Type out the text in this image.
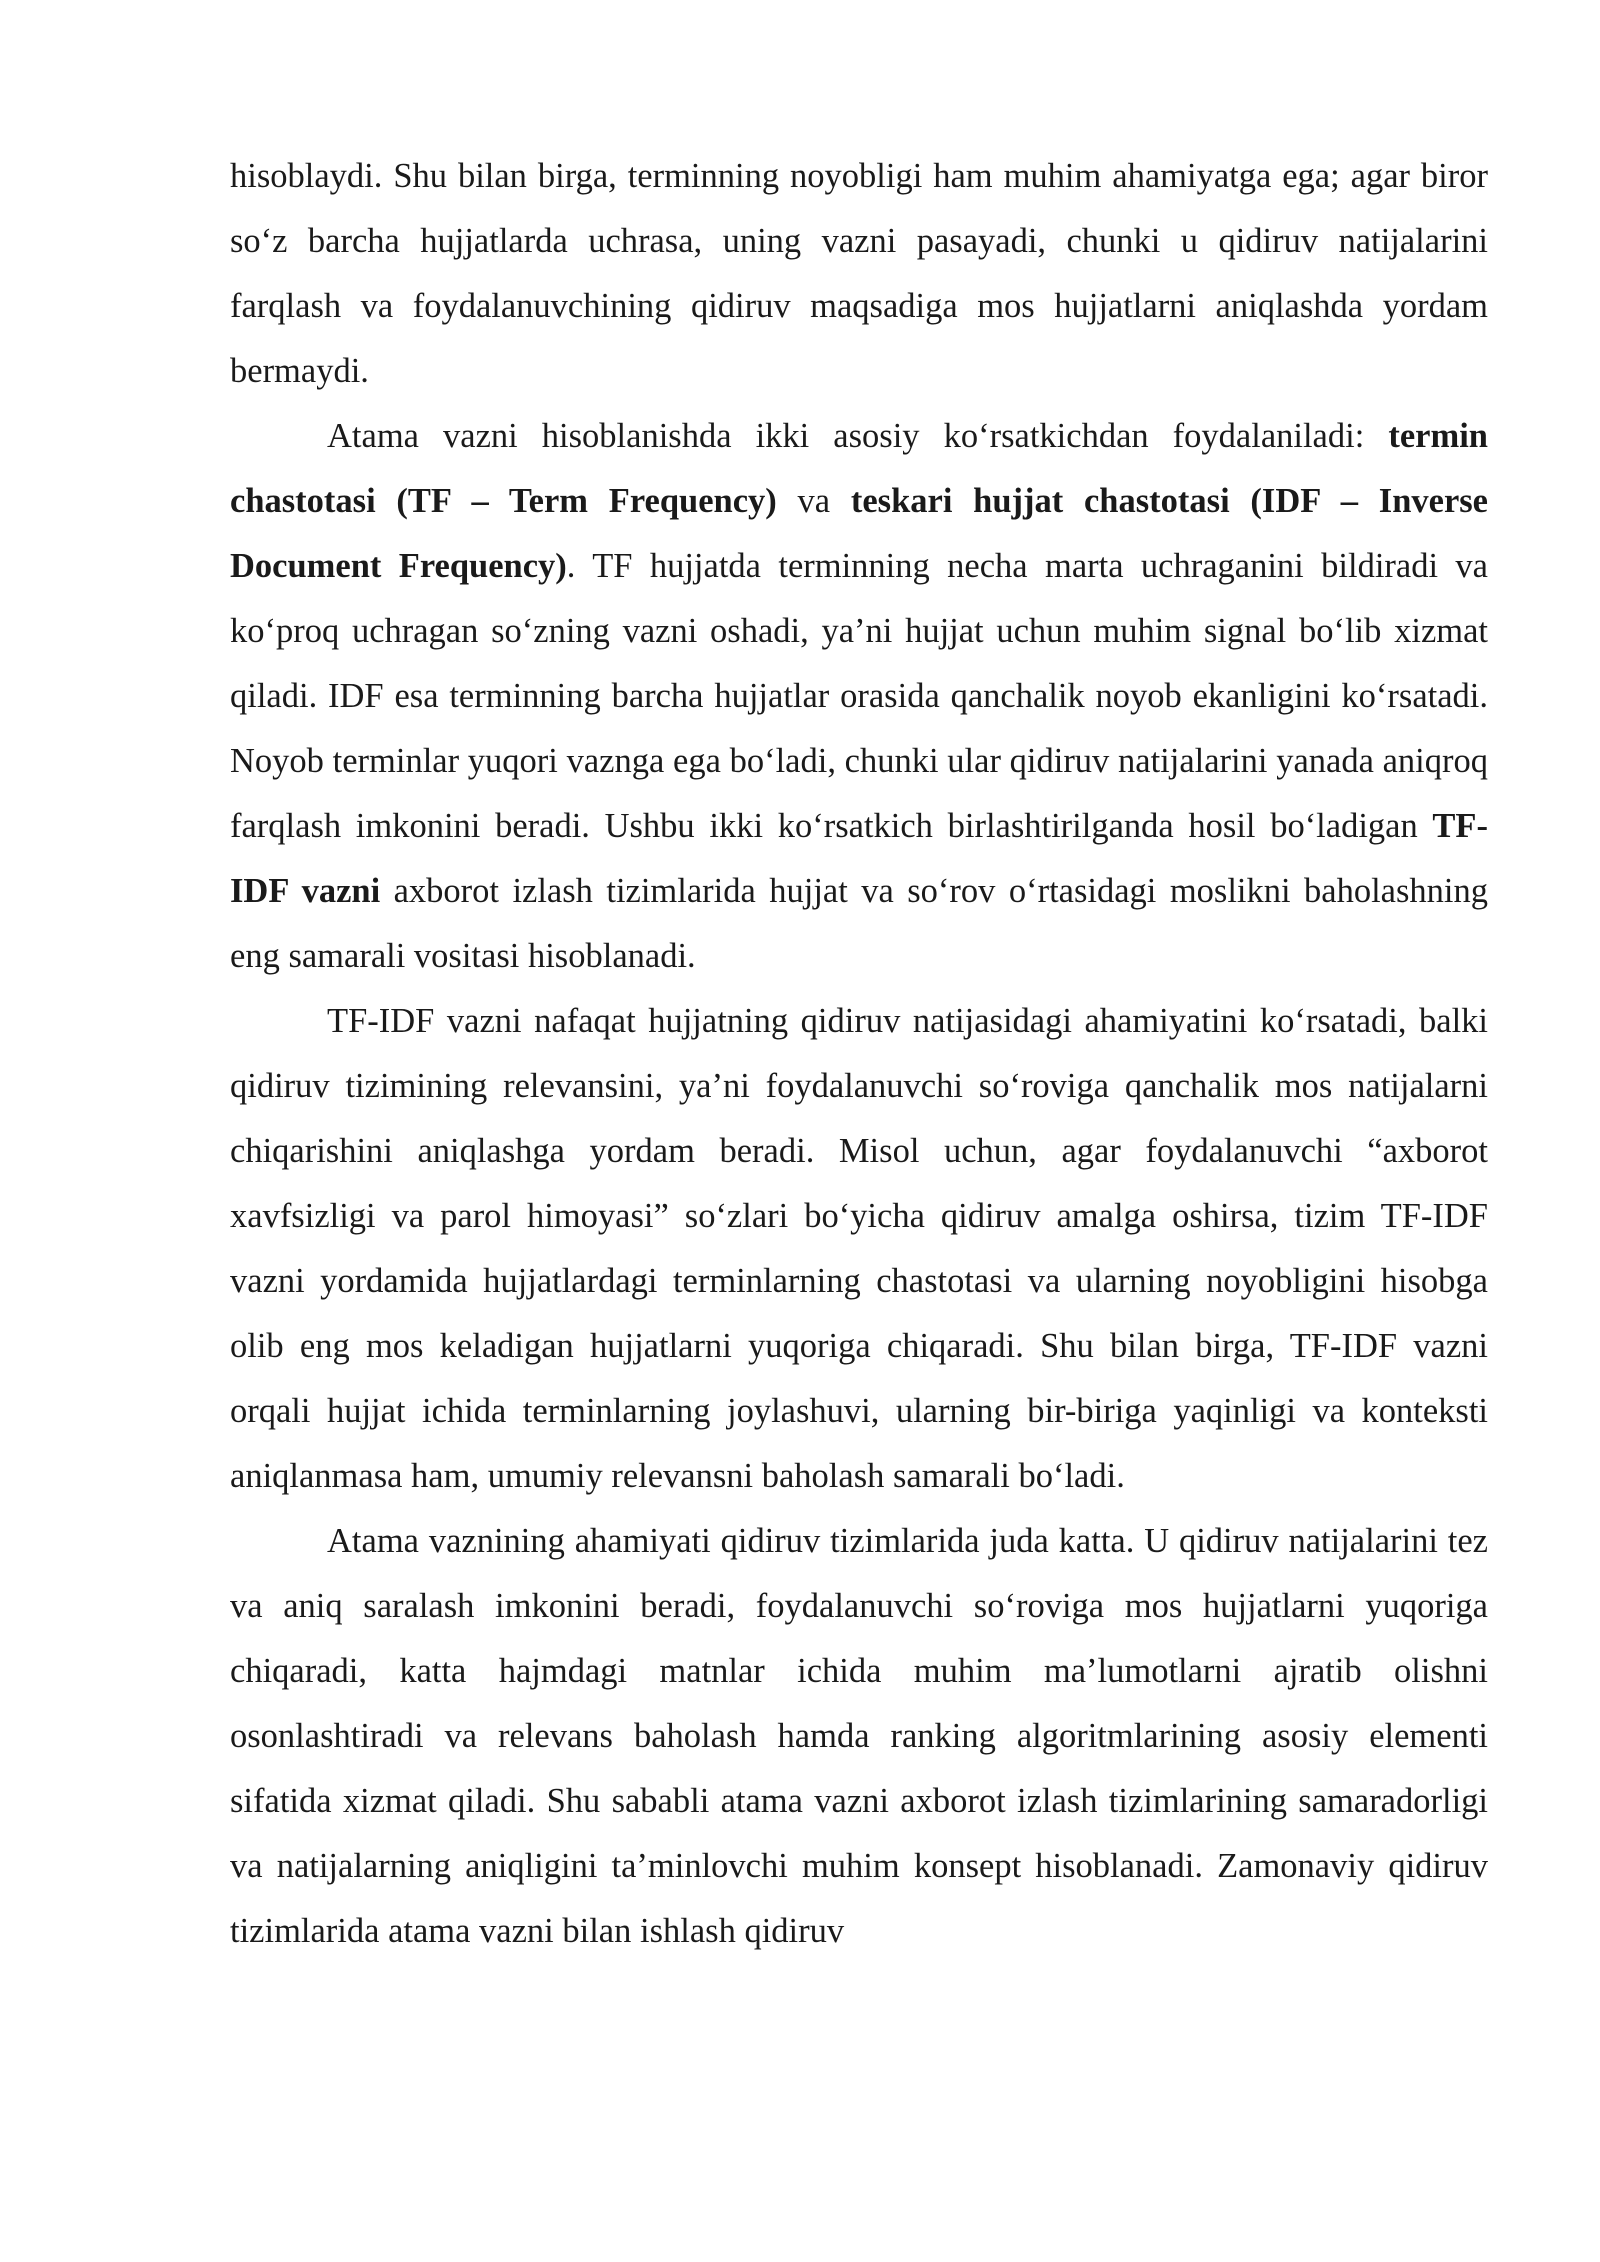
hisoblaydi. Shu bilan birga, terminning noyobligi ham muhim ahamiyatga ega; agar biror so‘z barcha hujjatlarda uchrasa, uning vazni pasayadi, chunki u qidiruv natijalarini farqlash va foydalanuvchining qidiruv maqsadiga mos hujjatlarni aniqlashda yordam bermaydi.

Atama vazni hisoblanishda ikki asosiy ko‘rsatkichdan foydalaniladi: termin chastotasi (TF – Term Frequency) va teskari hujjat chastotasi (IDF – Inverse Document Frequency). TF hujjatda terminning necha marta uchraganini bildiradi va ko‘proq uchragan so‘zning vazni oshadi, ya’ni hujjat uchun muhim signal bo‘lib xizmat qiladi. IDF esa terminning barcha hujjatlar orasida qanchalik noyob ekanligini ko‘rsatadi. Noyob terminlar yuqori vaznga ega bo‘ladi, chunki ular qidiruv natijalarini yanada aniqroq farqlash imkonini beradi. Ushbu ikki ko‘rsatkich birlashtirilganda hosil bo‘ladigan TF-IDF vazni axborot izlash tizimlarida hujjat va so‘rov o‘rtasidagi moslikni baholashning eng samarali vositasi hisoblanadi.

TF-IDF vazni nafaqat hujjatning qidiruv natijasidagi ahamiyatini ko‘rsatadi, balki qidiruv tizimining relevansini, ya’ni foydalanuvchi so‘roviga qanchalik mos natijalarni chiqarishini aniqlashga yordam beradi. Misol uchun, agar foydalanuvchi “axborot xavfsizligi va parol himoyasi” so‘zlari bo‘yicha qidiruv amalga oshirsa, tizim TF-IDF vazni yordamida hujjatlardagi terminlarning chastotasi va ularning noyobligini hisobga olib eng mos keladigan hujjatlarni yuqoriga chiqaradi. Shu bilan birga, TF-IDF vazni orqali hujjat ichida terminlarning joylashuvi, ularning bir-biriga yaqinligi va konteksti aniqlanmasa ham, umumiy relevansni baholash samarali bo‘ladi.

Atama vaznining ahamiyati qidiruv tizimlarida juda katta. U qidiruv natijalarini tez va aniq saralash imkonini beradi, foydalanuvchi so‘roviga mos hujjatlarni yuqoriga chiqaradi, katta hajmdagi matnlar ichida muhim ma’lumotlarni ajratib olishni osonlashtiradi va relevans baholash hamda ranking algoritmlarining asosiy elementi sifatida xizmat qiladi. Shu sababli atama vazni axborot izlash tizimlarining samaradorligi va natijalarning aniqligini ta’minlovchi muhim konsept hisoblanadi. Zamonaviy qidiruv tizimlarida atama vazni bilan ishlash qidiruv
